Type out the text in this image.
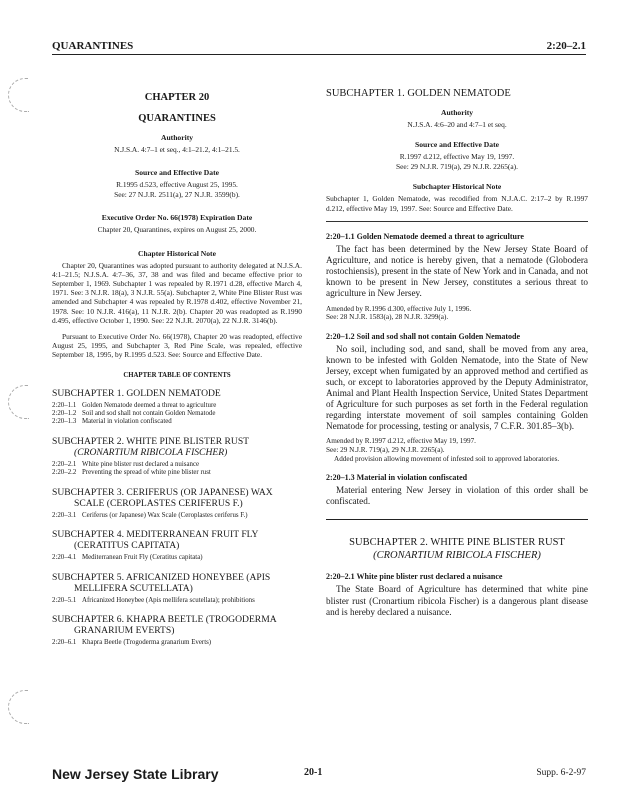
QUARANTINES	2:20–2.1
CHAPTER 20
QUARANTINES
Authority
N.J.S.A. 4:7–1 et seq., 4:1–21.2, 4:1–21.5.
Source and Effective Date
R.1995 d.523, effective August 25, 1995.
See: 27 N.J.R. 2511(a), 27 N.J.R. 3599(b).
Executive Order No. 66(1978) Expiration Date
Chapter 20, Quarantines, expires on August 25, 2000.
Chapter Historical Note

Chapter 20, Quarantines was adopted pursuant to authority delegated at N.J.S.A. 4:1–21.5; N.J.S.A. 4:7–36, 37, 38 and was filed and became effective prior to September 1, 1969. Subchapter 1 was repealed by R.1971 d.28, effective March 4, 1971. See: 3 N.J.R. 18(a), 3 N.J.R. 55(a). Subchapter 2, White Pine Blister Rust was amended and Subchapter 4 was repealed by R.1978 d.402, effective November 21, 1978. See: 10 N.J.R. 416(a), 11 N.J.R. 2(b). Chapter 20 was readopted as R.1990 d.495, effective October 1, 1990. See: 22 N.J.R. 2070(a), 22 N.J.R. 3146(b).

Pursuant to Executive Order No. 66(1978), Chapter 20 was readopted, effective August 25, 1995, and Subchapter 3, Red Pine Scale, was repealed, effective September 18, 1995, by R.1995 d.523. See: Source and Effective Date.

CHAPTER TABLE OF CONTENTS
SUBCHAPTER 1. GOLDEN NEMATODE
2:20–1.1 Golden Nematode deemed a threat to agriculture
2:20–1.2 Soil and sod shall not contain Golden Nematode
2:20–1.3 Material in violation confiscated
SUBCHAPTER 2. WHITE PINE BLISTER RUST
(CRONARTIUM RIBICOLA FISCHER)
2:20–2.1 White pine blister rust declared a nuisance
2:20–2.2 Preventing the spread of white pine blister rust
SUBCHAPTER 3. CERIFERUS (OR JAPANESE) WAX
SCALE (CEROPLASTES CERIFERUS F.)
2:20–3.1 Ceriferus (or Japanese) Wax Scale (Ceroplastes ceriferus F.)
SUBCHAPTER 4. MEDITERRANEAN FRUIT FLY
(CERATITUS CAPITATA)
2:20–4.1 Mediterranean Fruit Fly (Ceratitus capitata)
SUBCHAPTER 5. AFRICANIZED HONEYBEE (APIS
MELLIFERA SCUTELLATA)
2:20–5.1 Africanized Honeybee (Apis mellifera scutellata); prohibitions
SUBCHAPTER 6. KHAPRA BEETLE (TROGODERMA
GRANARIUM EVERTS)
2:20–6.1 Khapra Beetle (Trogoderma granarium Everts)
SUBCHAPTER 1. GOLDEN NEMATODE
Authority
N.J.S.A. 4:6–20 and 4:7–1 et seq.
Source and Effective Date
R.1997 d.212, effective May 19, 1997.
See: 29 N.J.R. 719(a), 29 N.J.R. 2265(a).
Subchapter Historical Note

Subchapter 1, Golden Nematode, was recodified from N.J.A.C. 2:17–2 by R.1997 d.212, effective May 19, 1997. See: Source and Effective Date.

2:20–1.1 Golden Nematode deemed a threat to agriculture

The fact has been determined by the New Jersey State Board of Agriculture, and notice is hereby given, that a nematode (Globodera rostochiensis), present in the state of New York and in Canada, and not known to be present in New Jersey, constitutes a serious threat to agriculture in New Jersey.

Amended by R.1996 d.300, effective July 1, 1996.
See: 28 N.J.R. 1583(a), 28 N.J.R. 3299(a).
2:20–1.2 Soil and sod shall not contain Golden Nematode

No soil, including sod, and sand, shall be moved from any area, known to be infested with Golden Nematode, into the State of New Jersey, except when fumigated by an approved method and certified as such, or except to laboratories approved by the Deputy Administrator, Animal and Plant Health Inspection Service, United States Department of Agriculture for such purposes as set forth in the Federal regulation regarding interstate movement of soil samples containing Golden Nematode for processing, testing or analysis, 7 C.F.R. 301.85–3(b).

Amended by R.1997 d.212, effective May 19, 1997.
See: 29 N.J.R. 719(a), 29 N.J.R. 2265(a).
Added provision allowing movement of infested soil to approved laboratories.
2:20–1.3 Material in violation confiscated

Material entering New Jersey in violation of this order shall be confiscated.

SUBCHAPTER 2. WHITE PINE BLISTER RUST
(CRONARTIUM RIBICOLA FISCHER)
2:20–2.1 White pine blister rust declared a nuisance

The State Board of Agriculture has determined that white pine blister rust (Cronartium ribicola Fischer) is a dangerous plant disease and is hereby declared a nuisance.

New Jersey State Library	20-1	Supp. 6-2-97
